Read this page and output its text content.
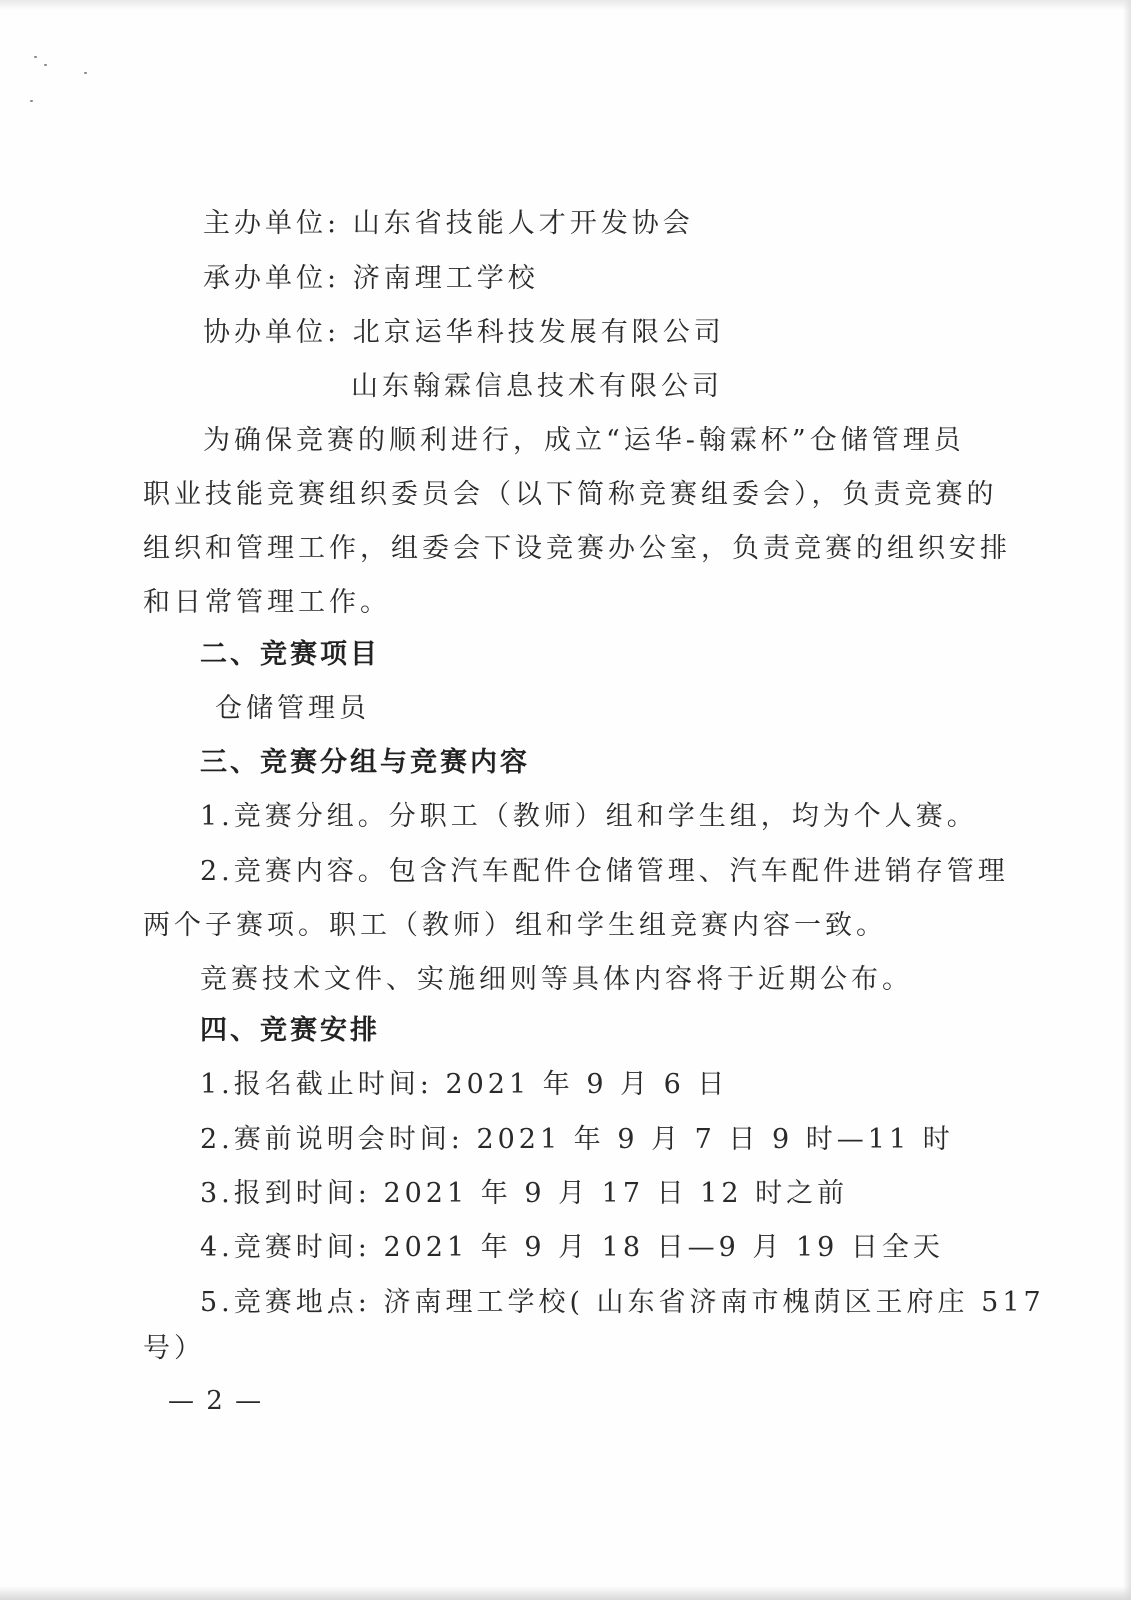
主办单位: 山东省技能人才开发协会
承办单位: 济南理工学校
协办单位: 北京运华科技发展有限公司
山东翰霖信息技术有限公司
为确保竞赛的顺利进行，成立“运华-翰霖杯”仓储管理员
职业技能竞赛组织委员会（以下简称竞赛组委会），负责竞赛的
组织和管理工作，组委会下设竞赛办公室，负责竞赛的组织安排
和日常管理工作。
二、竞赛项目
仓储管理员
三、竞赛分组与竞赛内容
1.竞赛分组。分职工（教师）组和学生组，均为个人赛。
2.竞赛内容。包含汽车配件仓储管理、汽车配件进销存管理
两个子赛项。职工（教师）组和学生组竞赛内容一致。
竞赛技术文件、实施细则等具体内容将于近期公布。
四、竞赛安排
1.报名截止时间: 2021 年 9 月 6 日
2.赛前说明会时间: 2021 年 9 月 7 日 9 时—11 时
3.报到时间: 2021 年 9 月 17 日 12 时之前
4.竞赛时间: 2021 年 9 月 18 日—9 月 19 日全天
5.竞赛地点: 济南理工学校( 山东省济南市槐荫区王府庄 517
号）
— 2 —
